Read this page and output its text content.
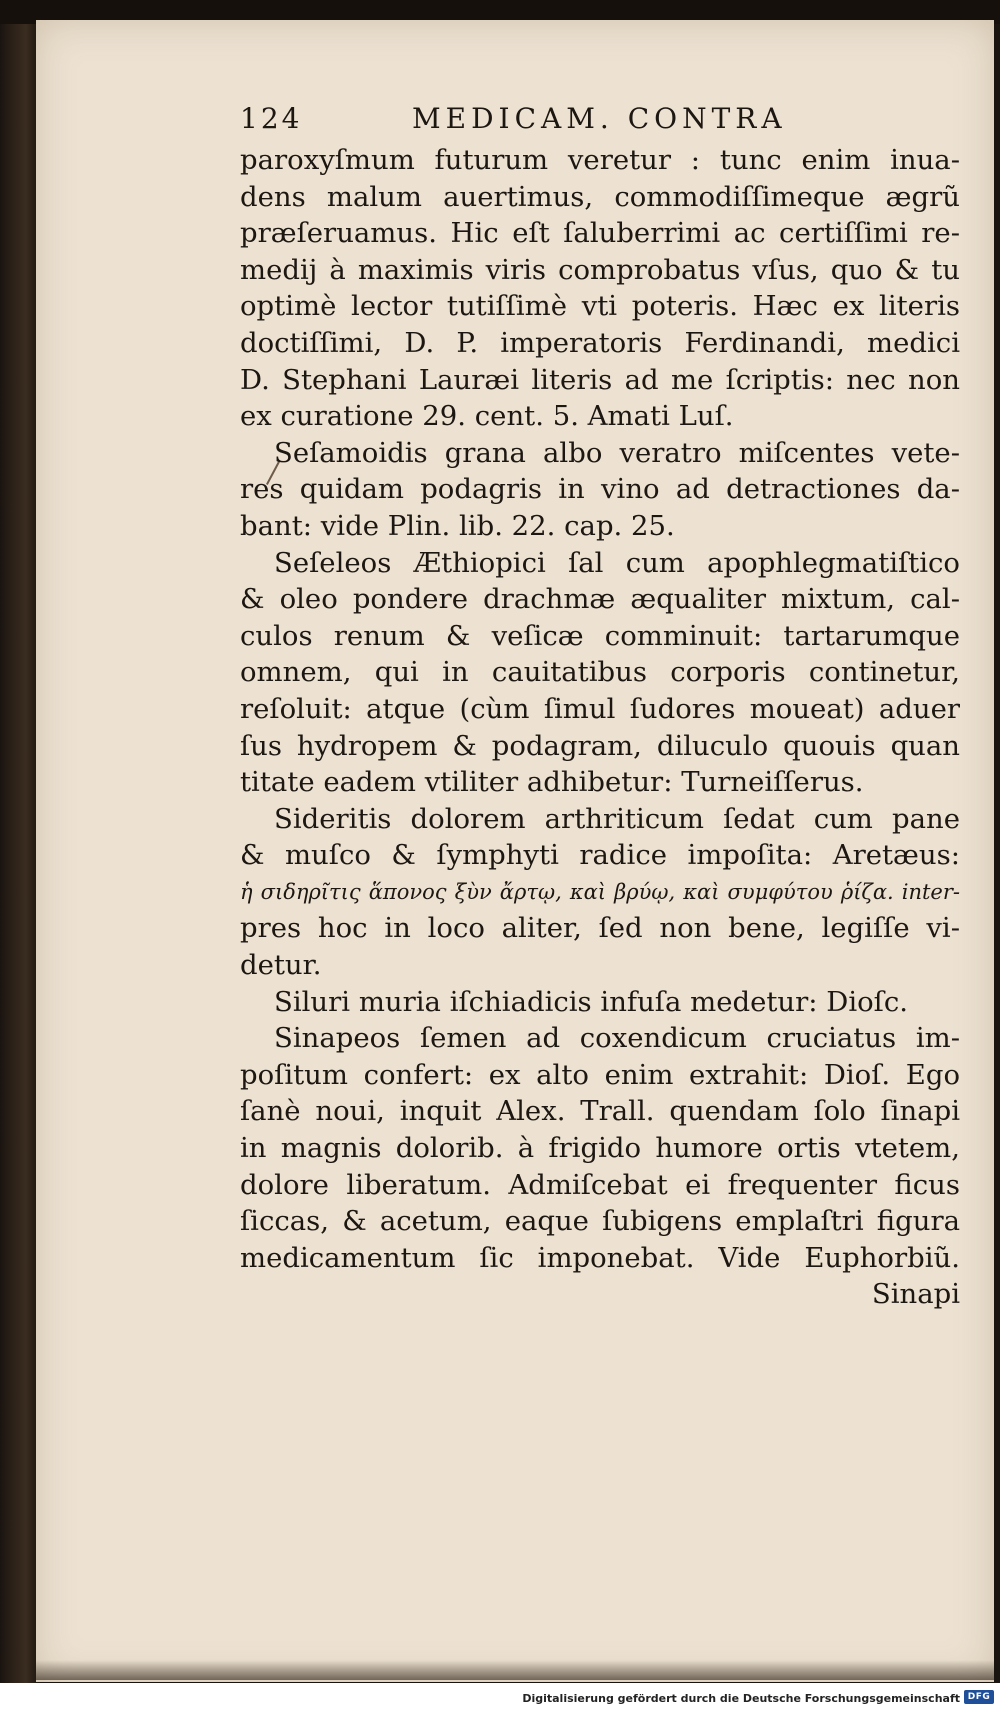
124	MEDICAM. CONTRA
paroxyſmum futurum veretur : tunc enim inua-
dens malum auertimus, commodiſſimeque ægrũ
præſeruamus. Hic eſt ſaluberrimi ac certiſſimi re-
medij à maximis viris comprobatus vſus, quo & tu
optimè lector tutiſſimè vti poteris. Hæc ex literis
doctiſſimi, D. P. imperatoris Ferdinandi, medici
D. Stephani Lauræi literis ad me ſcriptis: nec non
ex curatione 29. cent. 5. Amati Luſ.
Seſamoidis grana albo veratro miſcentes vete-
res quidam podagris in vino ad detractiones da-
bant: vide Plin. lib. 22. cap. 25.
Seſeleos Æthiopici ſal cum apophlegmatiſtico
& oleo pondere drachmæ æqualiter mixtum, cal-
culos renum & veſicæ comminuit: tartarumque
omnem, qui in cauitatibus corporis continetur,
reſoluit: atque (cùm ſimul ſudores moueat) aduer
ſus hydropem & podagram, diluculo quouis quan
titate eadem vtiliter adhibetur: Turneiſſerus.
Sideritis dolorem arthriticum ſedat cum pane
& muſco & ſymphyti radice impoſita: Aretæus:
ἡ σιδηρῖτις ἅπονος ξὺν ἄρτῳ, καὶ βρύῳ, καὶ συμφύτου ῥίζα. inter-
pres hoc in loco aliter, ſed non bene, legiſſe vi-
detur.
Siluri muria iſchiadicis infuſa medetur: Dioſc.
Sinapeos ſemen ad coxendicum cruciatus im-
poſitum confert: ex alto enim extrahit: Dioſ. Ego
ſanè noui, inquit Alex. Trall. quendam ſolo ſinapi
in magnis dolorib. à frigido humore ortis vtetem,
dolore liberatum. Admiſcebat ei frequenter ficus
ſiccas, & acetum, eaque ſubigens emplaſtri figura
medicamentum ſic imponebat. Vide Euphorbiũ.
Sinapi
Digitalisierung gefördert durch die Deutsche Forschungsgemeinschaft DFG
